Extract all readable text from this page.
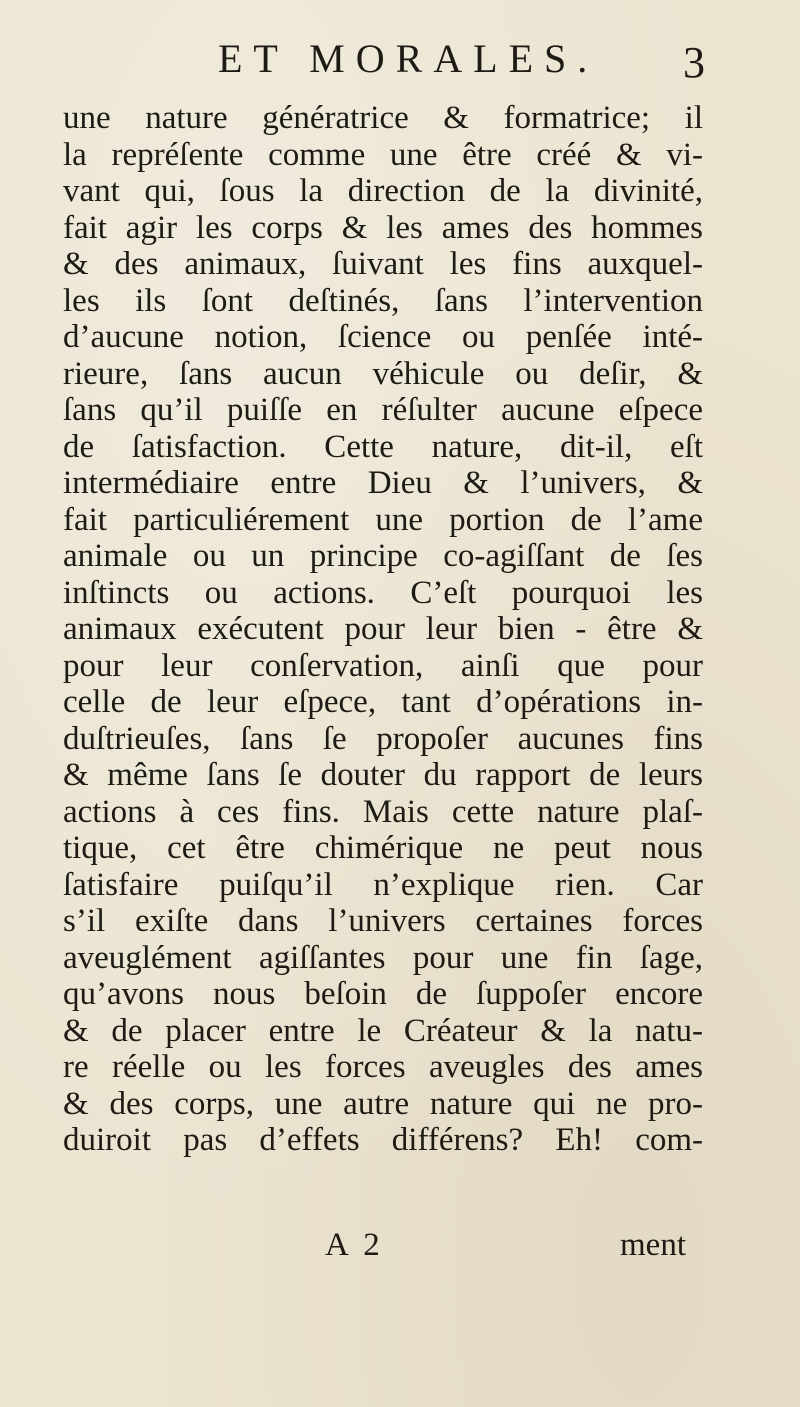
ET MORALES. 3
une nature génératrice & formatrice; il
la repréſente comme une être créé & vi-
vant qui, ſous la direction de la divinité,
fait agir les corps & les ames des hommes
& des animaux, ſuivant les fins auxquel-
les ils ſont deſtinés, ſans l’intervention
d’aucune notion, ſcience ou penſée inté-
rieure, ſans aucun véhicule ou deſir, &
ſans qu’il puiſſe en réſulter aucune eſpece
de ſatisfaction. Cette nature, dit-il, eſt
intermédiaire entre Dieu & l’univers, &
fait particuliérement une portion de l’ame
animale ou un principe co-agiſſant de ſes
inſtincts ou actions. C’eſt pourquoi les
animaux exécutent pour leur bien - être &
pour leur conſervation, ainſi que pour
celle de leur eſpece, tant d’opérations in-
duſtrieuſes, ſans ſe propoſer aucunes fins
& même ſans ſe douter du rapport de leurs
actions à ces fins. Mais cette nature plaſ-
tique, cet être chimérique ne peut nous
ſatisfaire puiſqu’il n’explique rien. Car
s’il exiſte dans l’univers certaines forces
aveuglément agiſſantes pour une fin ſage,
qu’avons nous beſoin de ſuppoſer encore
& de placer entre le Créateur & la natu-
re réelle ou les forces aveugles des ames
& des corps, une autre nature qui ne pro-
duiroit pas d’effets différens? Eh! com-
A 2	ment
